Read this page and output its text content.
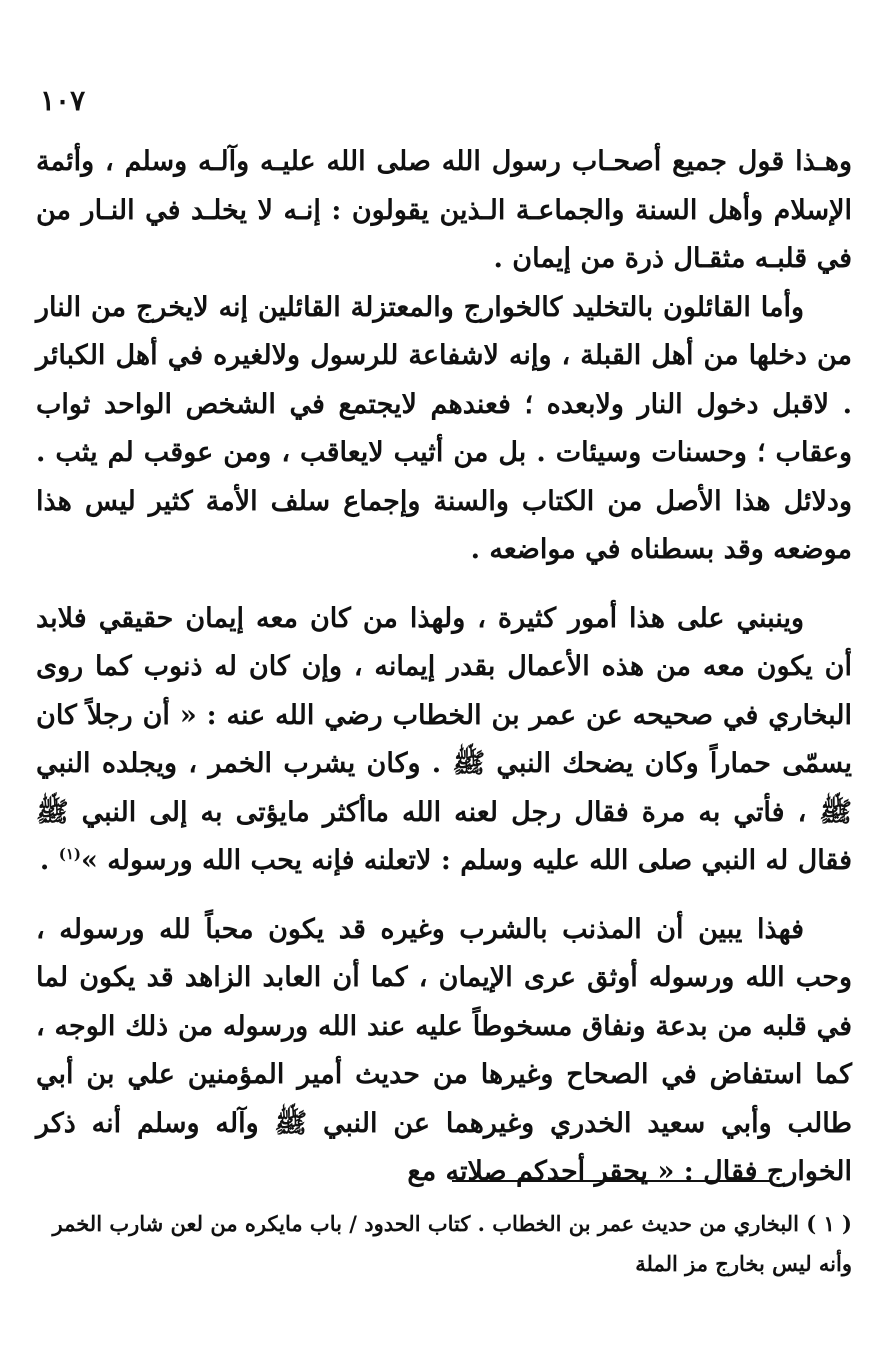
١٠٧

وهـذا قول جميع أصحـاب رسول الله صلى الله عليـه وآلـه وسلم ، وأئمة الإسلام وأهل السنة والجماعـة الـذين يقولون : إنـه لا يخلـد في النـار من في قلبـه مثقـال ذرة من إيمان .

وأما القائلون بالتخليد كالخوارج والمعتزلة القائلين إنه لايخرج من النار من دخلها من أهل القبلة ، وإنه لاشفاعة للرسول ولالغيره في أهل الكبائر . لاقبل دخول النار ولابعده ؛ فعندهم لايجتمع في الشخص الواحد ثواب وعقاب ؛ وحسنات وسيئات . بل من أثيب لايعاقب ، ومن عوقب لم يثب . ودلائل هذا الأصل من الكتاب والسنة وإجماع سلف الأمة كثير ليس هذا موضعه وقد بسطناه في مواضعه .

وينبني على هذا أمور كثيرة ، ولهذا من كان معه إيمان حقيقي فلابد أن يكون معه من هذه الأعمال بقدر إيمانه ، وإن كان له ذنوب كما روى البخاري في صحيحه عن عمر بن الخطاب رضي الله عنه : « أن رجلاً كان يسمّى حماراً وكان يضحك النبي ﷺ . وكان يشرب الخمر ، ويجلده النبي ﷺ ، فأتي به مرة فقال رجل لعنه الله ماأكثر مايؤتى به إلى النبي ﷺ فقال له النبي صلى الله عليه وسلم : لاتعلنه فإنه يحب الله ورسوله »$^{(١)}$ .

فهذا يبين أن المذنب بالشرب وغيره قد يكون محباً لله ورسوله ، وحب الله ورسوله أوثق عرى الإيمان ، كما أن العابد الزاهد قد يكون لما في قلبه من بدعة ونفاق مسخوطاً عليه عند الله ورسوله من ذلك الوجه ، كما استفاض في الصحاح وغيرها من حديث أمير المؤمنين علي بن أبي طالب وأبي سعيد الخدري وغيرهما عن النبي ﷺ وآله وسلم أنه ذكر الخوارج فقال : « يحقر أحدكم صلاته مع

( ١ ) البخاري من حديث عمر بن الخطاب . كتاب الحدود / باب مايكره من لعن شارب الخمر وأنه ليس بخارج مز الملة
